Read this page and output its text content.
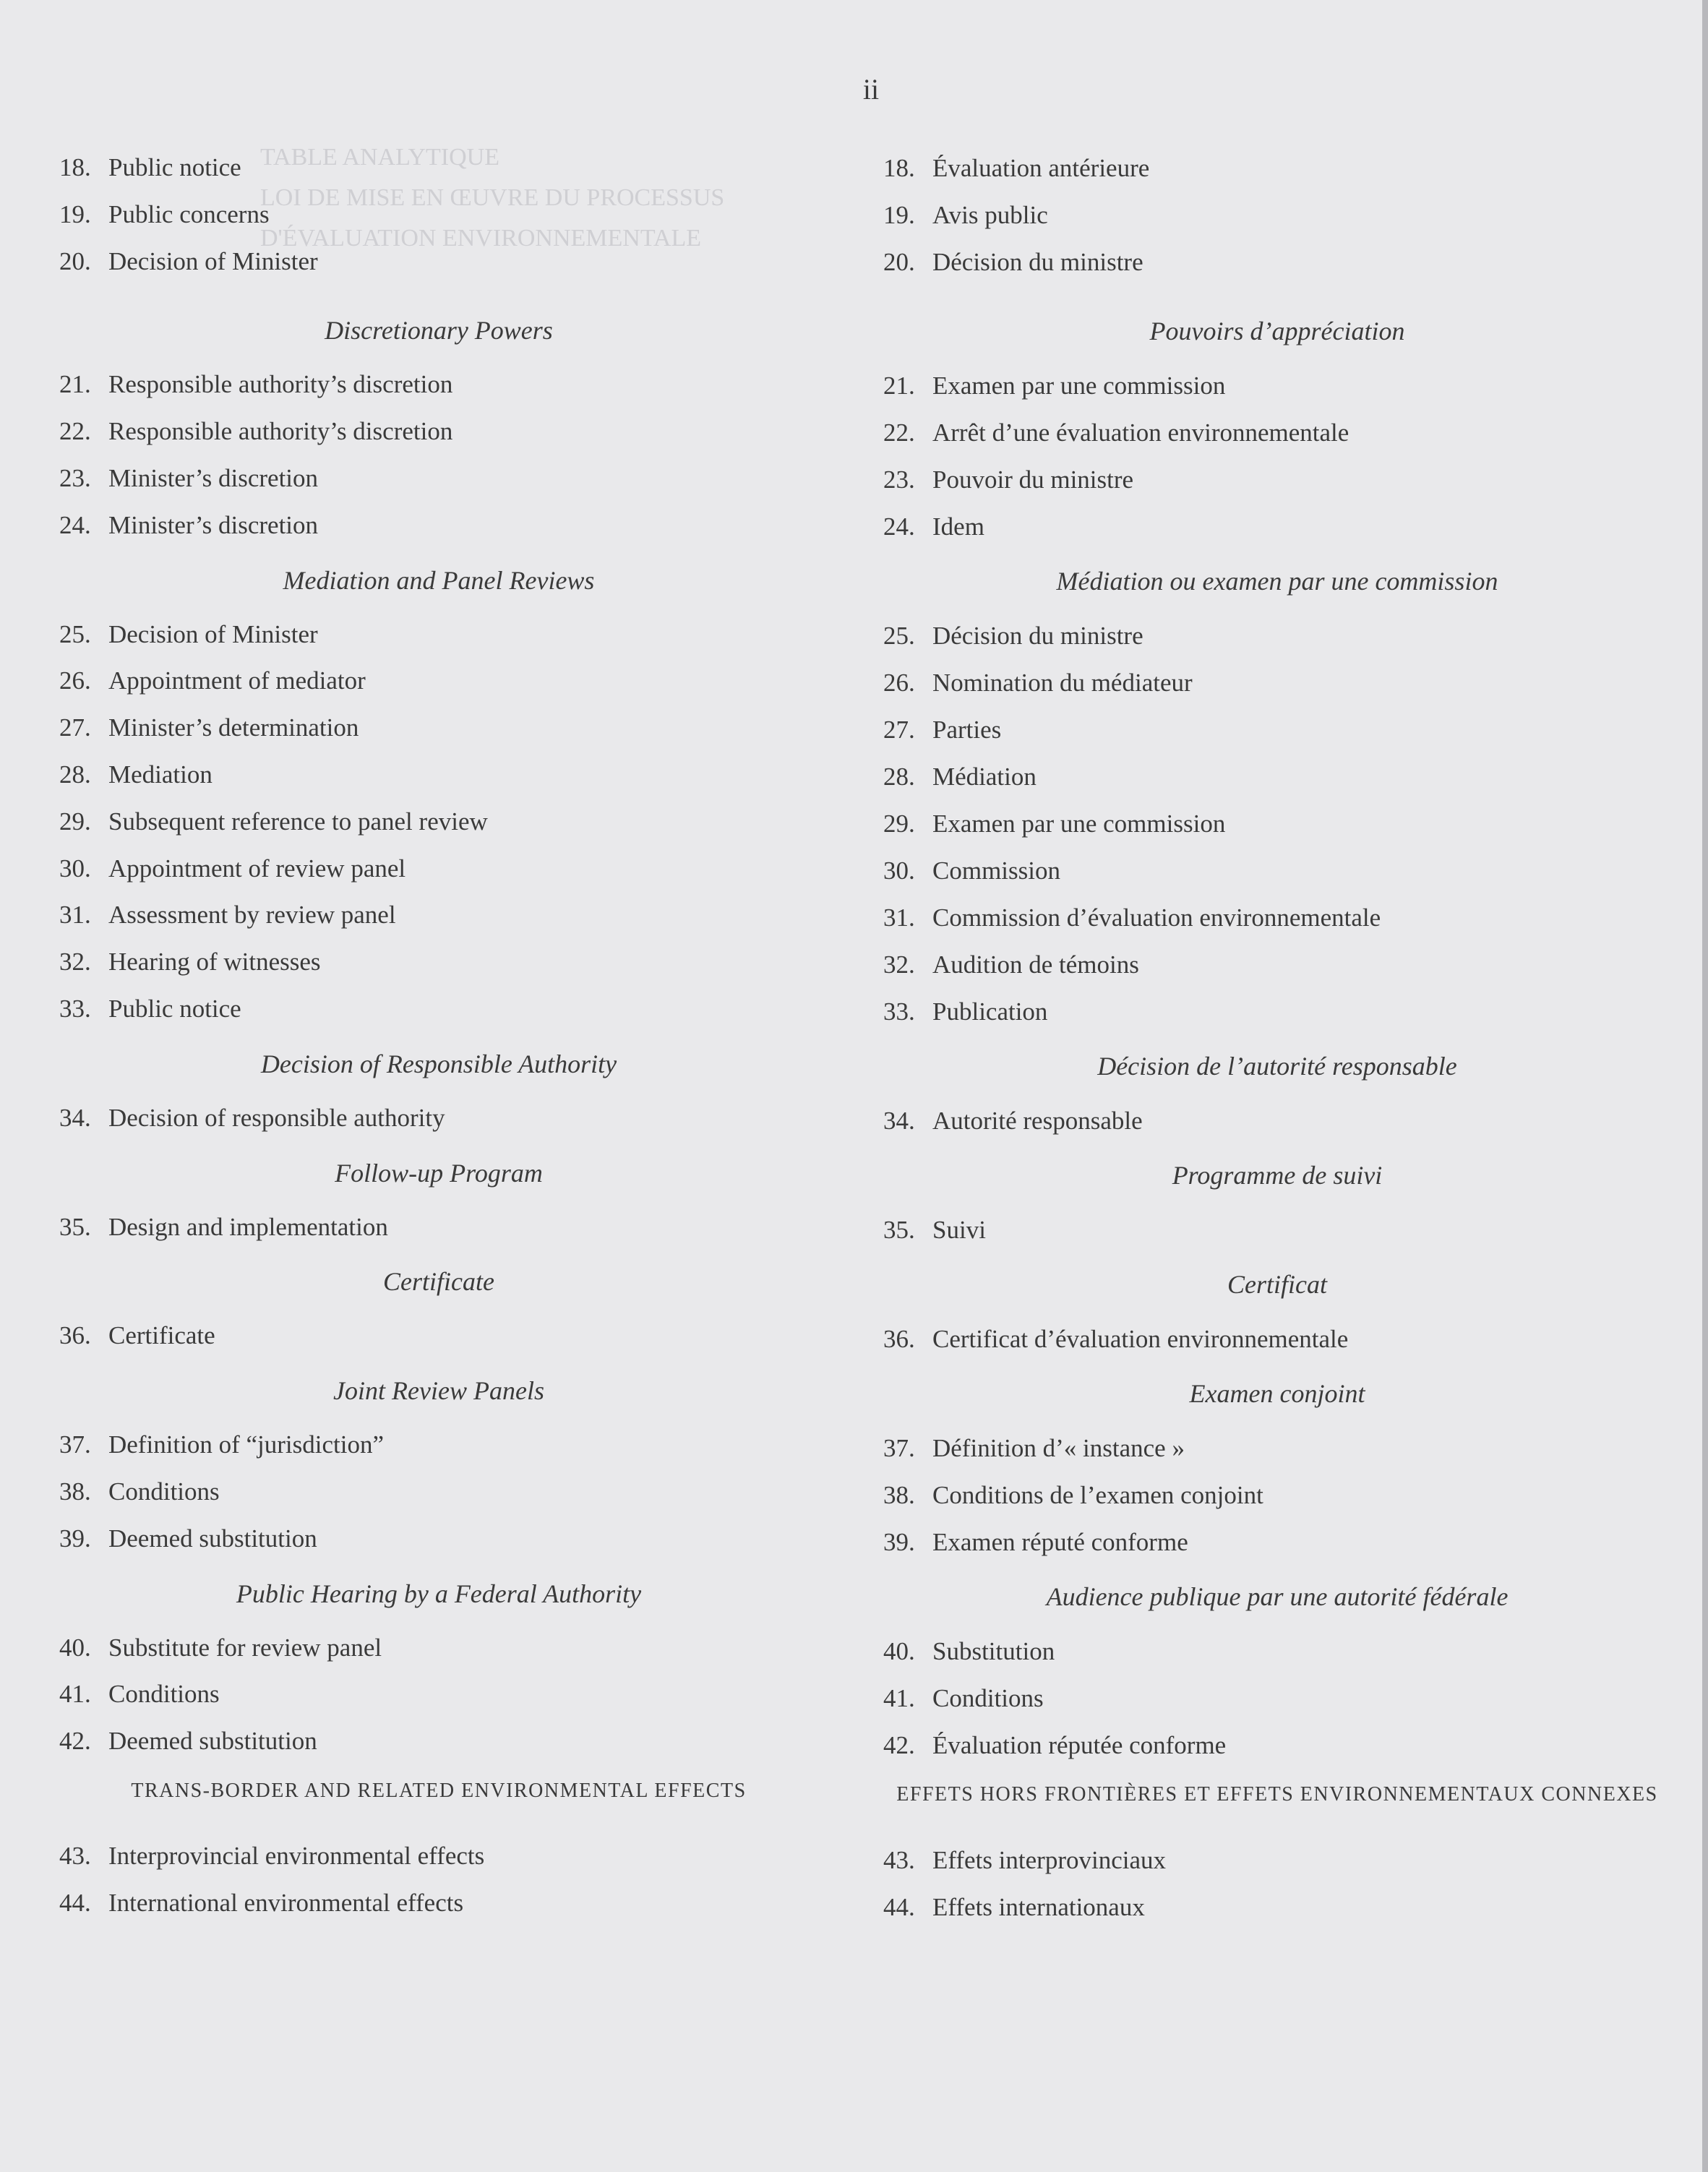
TABLE ANALYTIQUE
LOI DE MISE EN ŒUVRE DU PROCESSUS
D'ÉVALUATION ENVIRONNEMENTALE
ii
18. Public notice
19. Public concerns
20. Decision of Minister
Discretionary Powers
21. Responsible authority’s discretion
22. Responsible authority’s discretion
23. Minister’s discretion
24. Minister’s discretion
Mediation and Panel Reviews
25. Decision of Minister
26. Appointment of mediator
27. Minister’s determination
28. Mediation
29. Subsequent reference to panel review
30. Appointment of review panel
31. Assessment by review panel
32. Hearing of witnesses
33. Public notice
Decision of Responsible Authority
34. Decision of responsible authority
Follow-up Program
35. Design and implementation
Certificate
36. Certificate
Joint Review Panels
37. Definition of “jurisdiction”
38. Conditions
39. Deemed substitution
Public Hearing by a Federal Authority
40. Substitute for review panel
41. Conditions
42. Deemed substitution
TRANS-BORDER AND RELATED ENVIRONMENTAL EFFECTS
43. Interprovincial environmental effects
44. International environmental effects
18. Évaluation antérieure
19. Avis public
20. Décision du ministre
Pouvoirs d’appréciation
21. Examen par une commission
22. Arrêt d’une évaluation environnementale
23. Pouvoir du ministre
24. Idem
Médiation ou examen par une commission
25. Décision du ministre
26. Nomination du médiateur
27. Parties
28. Médiation
29. Examen par une commission
30. Commission
31. Commission d’évaluation environnementale
32. Audition de témoins
33. Publication
Décision de l’autorité responsable
34. Autorité responsable
Programme de suivi
35. Suivi
Certificat
36. Certificat d’évaluation environnementale
Examen conjoint
37. Définition d’« instance »
38. Conditions de l’examen conjoint
39. Examen réputé conforme
Audience publique par une autorité fédérale
40. Substitution
41. Conditions
42. Évaluation réputée conforme
EFFETS HORS FRONTIÈRES ET EFFETS ENVIRONNEMENTAUX CONNEXES
43. Effets interprovinciaux
44. Effets internationaux
